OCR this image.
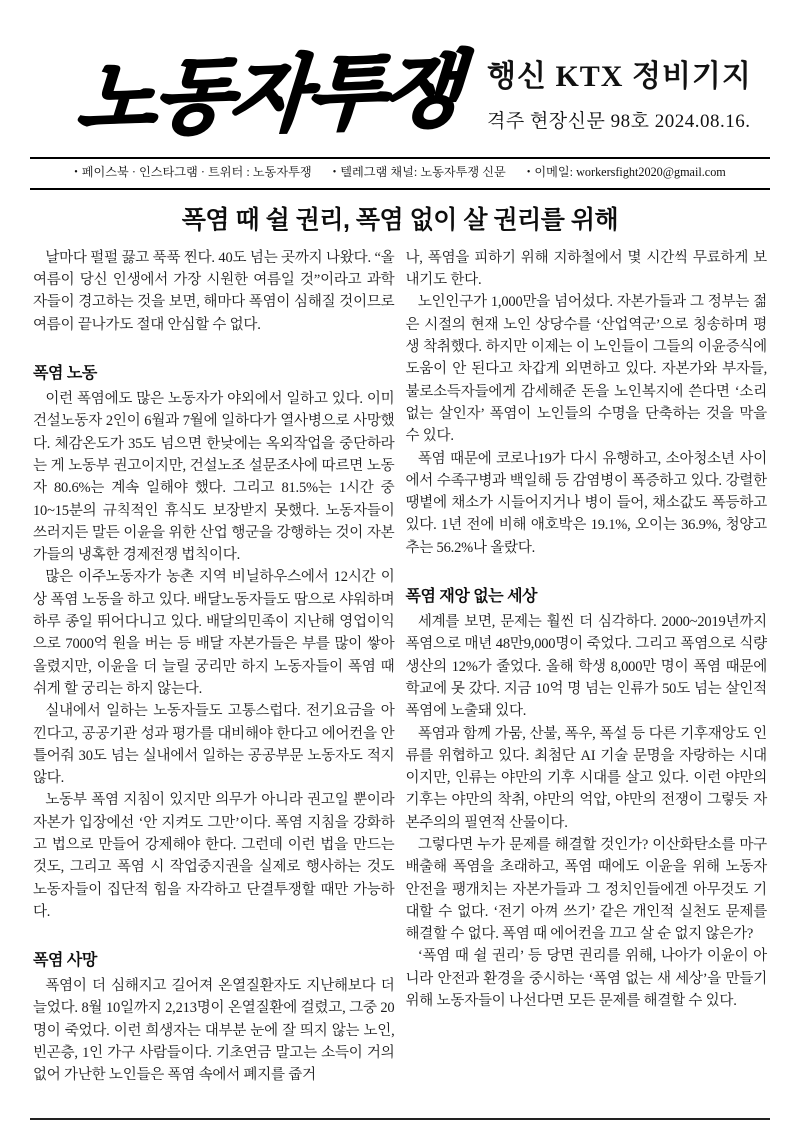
노동자투쟁 행신 KTX 정비기지
격주 현장신문 98호 2024.08.16.
• 페이스북 · 인스타그램 · 트위터 : 노동자투쟁 • 텔레그램 채널: 노동자투쟁 신문 • 이메일: workersfight2020@gmail.com
폭염 때 쉴 권리, 폭염 없이 살 권리를 위해

날마다 펄펄 끓고 푹푹 찐다. 40도 넘는 곳까지 나왔다. “올여름이 당신 인생에서 가장 시원한 여름일 것”이라고 과학자들이 경고하는 것을 보면, 해마다 폭염이 심해질 것이므로 여름이 끝나가도 절대 안심할 수 없다.

폭염 노동

이런 폭염에도 많은 노동자가 야외에서 일하고 있다. 이미 건설노동자 2인이 6월과 7월에 일하다가 열사병으로 사망했다. 체감온도가 35도 넘으면 한낮에는 옥외작업을 중단하라는 게 노동부 권고이지만, 건설노조 설문조사에 따르면 노동자 80.6%는 계속 일해야 했다. 그리고 81.5%는 1시간 중 10~15분의 규칙적인 휴식도 보장받지 못했다. 노동자들이 쓰러지든 말든 이윤을 위한 산업 행군을 강행하는 것이 자본가들의 냉혹한 경제전쟁 법칙이다.

많은 이주노동자가 농촌 지역 비닐하우스에서 12시간 이상 폭염 노동을 하고 있다. 배달노동자들도 땀으로 샤워하며 하루 종일 뛰어다니고 있다. 배달의민족이 지난해 영업이익으로 7000억 원을 버는 등 배달 자본가들은 부를 많이 쌓아올렸지만, 이윤을 더 늘릴 궁리만 하지 노동자들이 폭염 때 쉬게 할 궁리는 하지 않는다.

실내에서 일하는 노동자들도 고통스럽다. 전기요금을 아낀다고, 공공기관 성과 평가를 대비해야 한다고 에어컨을 안 틀어줘 30도 넘는 실내에서 일하는 공공부문 노동자도 적지 않다.

노동부 폭염 지침이 있지만 의무가 아니라 권고일 뿐이라 자본가 입장에선 ‘안 지켜도 그만’이다. 폭염 지침을 강화하고 법으로 만들어 강제해야 한다. 그런데 이런 법을 만드는 것도, 그리고 폭염 시 작업중지권을 실제로 행사하는 것도 노동자들이 집단적 힘을 자각하고 단결투쟁할 때만 가능하다.

폭염 사망

폭염이 더 심해지고 길어져 온열질환자도 지난해보다 더 늘었다. 8월 10일까지 2,213명이 온열질환에 걸렸고, 그중 20명이 죽었다. 이런 희생자는 대부분 눈에 잘 띄지 않는 노인, 빈곤층, 1인 가구 사람들이다. 기초연금 말고는 소득이 거의 없어 가난한 노인들은 폭염 속에서 폐지를 줍거

나, 폭염을 피하기 위해 지하철에서 몇 시간씩 무료하게 보내기도 한다.

노인인구가 1,000만을 넘어섰다. 자본가들과 그 정부는 젊은 시절의 현재 노인 상당수를 ‘산업역군’으로 칭송하며 평생 착취했다. 하지만 이제는 이 노인들이 그들의 이윤증식에 도움이 안 된다고 차갑게 외면하고 있다. 자본가와 부자들, 불로소득자들에게 감세해준 돈을 노인복지에 쓴다면 ‘소리 없는 살인자’ 폭염이 노인들의 수명을 단축하는 것을 막을 수 있다.

폭염 때문에 코로나19가 다시 유행하고, 소아청소년 사이에서 수족구병과 백일해 등 감염병이 폭증하고 있다. 강렬한 땡볕에 채소가 시들어지거나 병이 들어, 채소값도 폭등하고 있다. 1년 전에 비해 애호박은 19.1%, 오이는 36.9%, 청양고추는 56.2%나 올랐다.

폭염 재앙 없는 세상

세계를 보면, 문제는 훨씬 더 심각하다. 2000~2019년까지 폭염으로 매년 48만9,000명이 죽었다. 그리고 폭염으로 식량 생산의 12%가 줄었다. 올해 학생 8,000만 명이 폭염 때문에 학교에 못 갔다. 지금 10억 명 넘는 인류가 50도 넘는 살인적 폭염에 노출돼 있다.

폭염과 함께 가뭄, 산불, 폭우, 폭설 등 다른 기후재앙도 인류를 위협하고 있다. 최첨단 AI 기술 문명을 자랑하는 시대이지만, 인류는 야만의 기후 시대를 살고 있다. 이런 야만의 기후는 야만의 착취, 야만의 억압, 야만의 전쟁이 그렇듯 자본주의의 필연적 산물이다.

그렇다면 누가 문제를 해결할 것인가? 이산화탄소를 마구 배출해 폭염을 초래하고, 폭염 때에도 이윤을 위해 노동자 안전을 팽개치는 자본가들과 그 정치인들에겐 아무것도 기대할 수 없다. ‘전기 아껴 쓰기’ 같은 개인적 실천도 문제를 해결할 수 없다. 폭염 때 에어컨을 끄고 살 순 없지 않은가?

‘폭염 때 쉴 권리’ 등 당면 권리를 위해, 나아가 이윤이 아니라 안전과 환경을 중시하는 ‘폭염 없는 새 세상’을 만들기 위해 노동자들이 나선다면 모든 문제를 해결할 수 있다.
